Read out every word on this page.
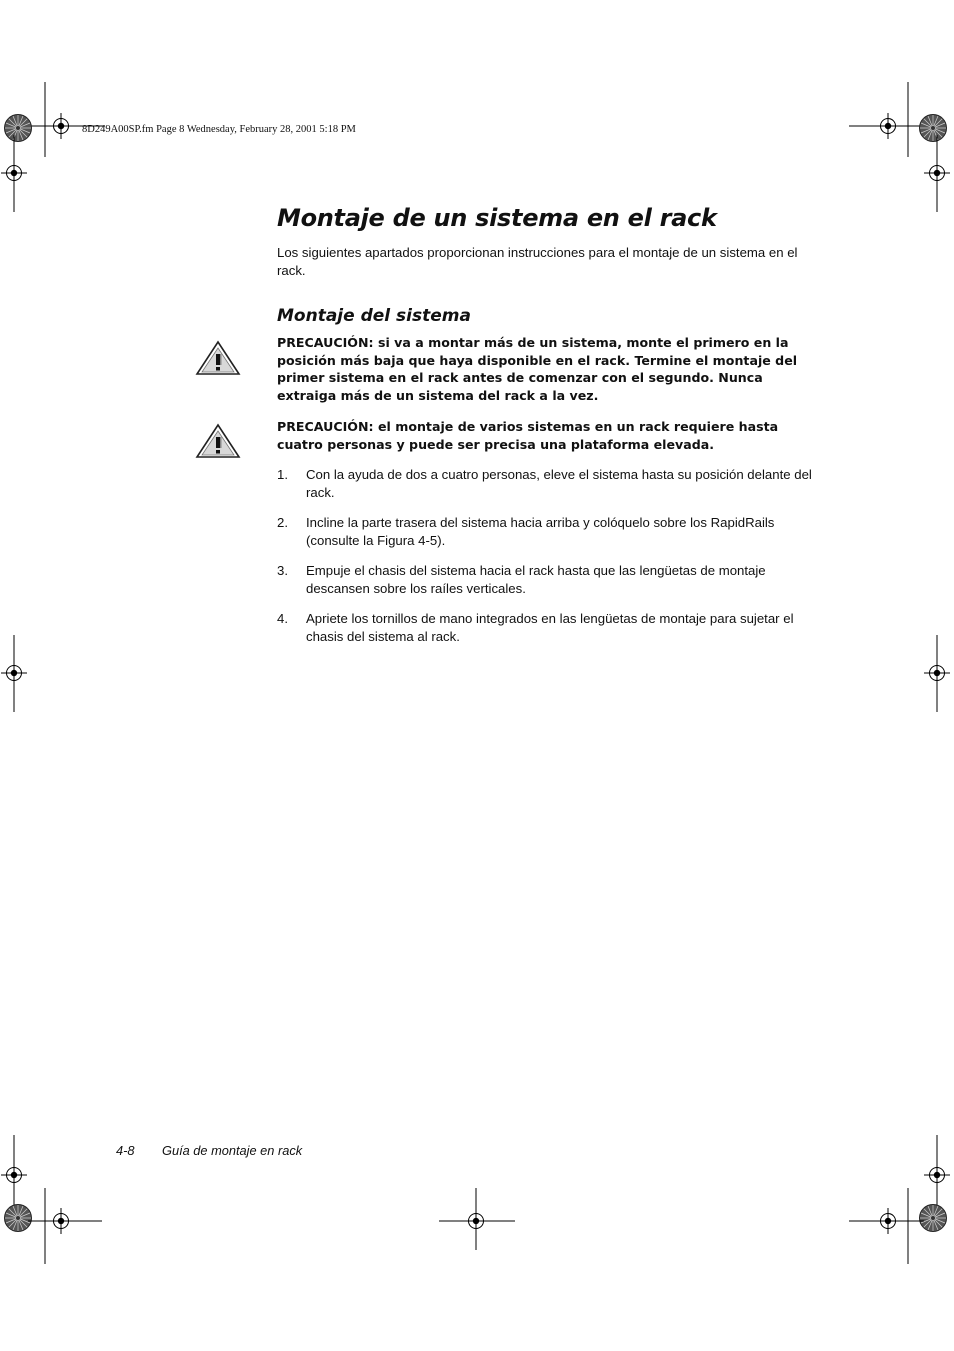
8D249A00SP.fm Page 8 Wednesday, February 28, 2001 5:18 PM
Montaje de un sistema en el rack

Los siguientes apartados proporcionan instrucciones para el montaje de un sistema en el rack.

Montaje del sistema

PRECAUCIÓN: si va a montar más de un sistema, monte el primero en la posición más baja que haya disponible en el rack. Termine el montaje del primer sistema en el rack antes de comenzar con el segundo. Nunca extraiga más de un sistema del rack a la vez.

PRECAUCIÓN: el montaje de varios sistemas en un rack requiere hasta cuatro personas y puede ser precisa una plataforma elevada.

1. Con la ayuda de dos a cuatro personas, eleve el sistema hasta su posición delante del rack.

2. Incline la parte trasera del sistema hacia arriba y colóquelo sobre los RapidRails (consulte la Figura 4-5).

3. Empuje el chasis del sistema hacia el rack hasta que las lengüetas de montaje descansen sobre los raíles verticales.

4. Apriete los tornillos de mano integrados en las lengüetas de montaje para sujetar el chasis del sistema al rack.

4-8 Guía de montaje en rack
